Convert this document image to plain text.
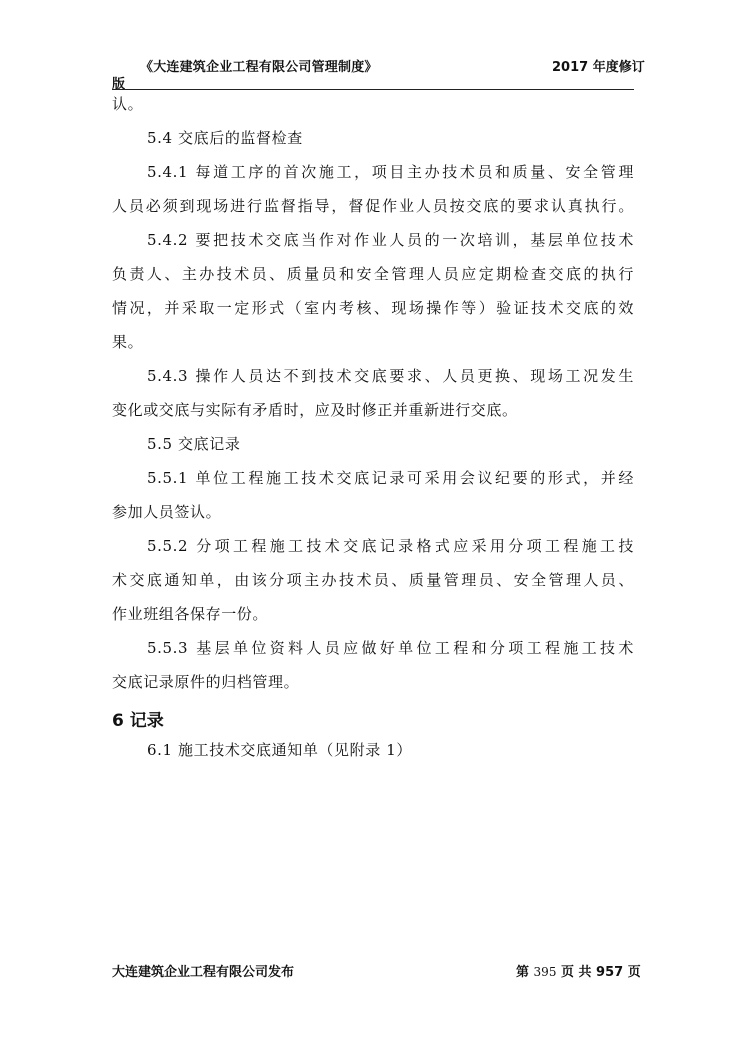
《大连建筑企业工程有限公司管理制度》	2017 年度修订
版
认。
5.4 交底后的监督检查
5.4.1 每道工序的首次施工，项目主办技术员和质量、安全管理
人员必须到现场进行监督指导，督促作业人员按交底的要求认真执行。
5.4.2 要把技术交底当作对作业人员的一次培训，基层单位技术
负责人、主办技术员、质量员和安全管理人员应定期检查交底的执行
情况，并采取一定形式（室内考核、现场操作等）验证技术交底的效
果。
5.4.3 操作人员达不到技术交底要求、人员更换、现场工况发生
变化或交底与实际有矛盾时，应及时修正并重新进行交底。
5.5 交底记录
5.5.1 单位工程施工技术交底记录可采用会议纪要的形式，并经
参加人员签认。
5.5.2 分项工程施工技术交底记录格式应采用分项工程施工技
术交底通知单，由该分项主办技术员、质量管理员、安全管理人员、
作业班组各保存一份。
5.5.3 基层单位资料人员应做好单位工程和分项工程施工技术
交底记录原件的归档管理。
6 记录
6.1 施工技术交底通知单（见附录 1）
大连建筑企业工程有限公司发布	第 395 页 共 957 页
